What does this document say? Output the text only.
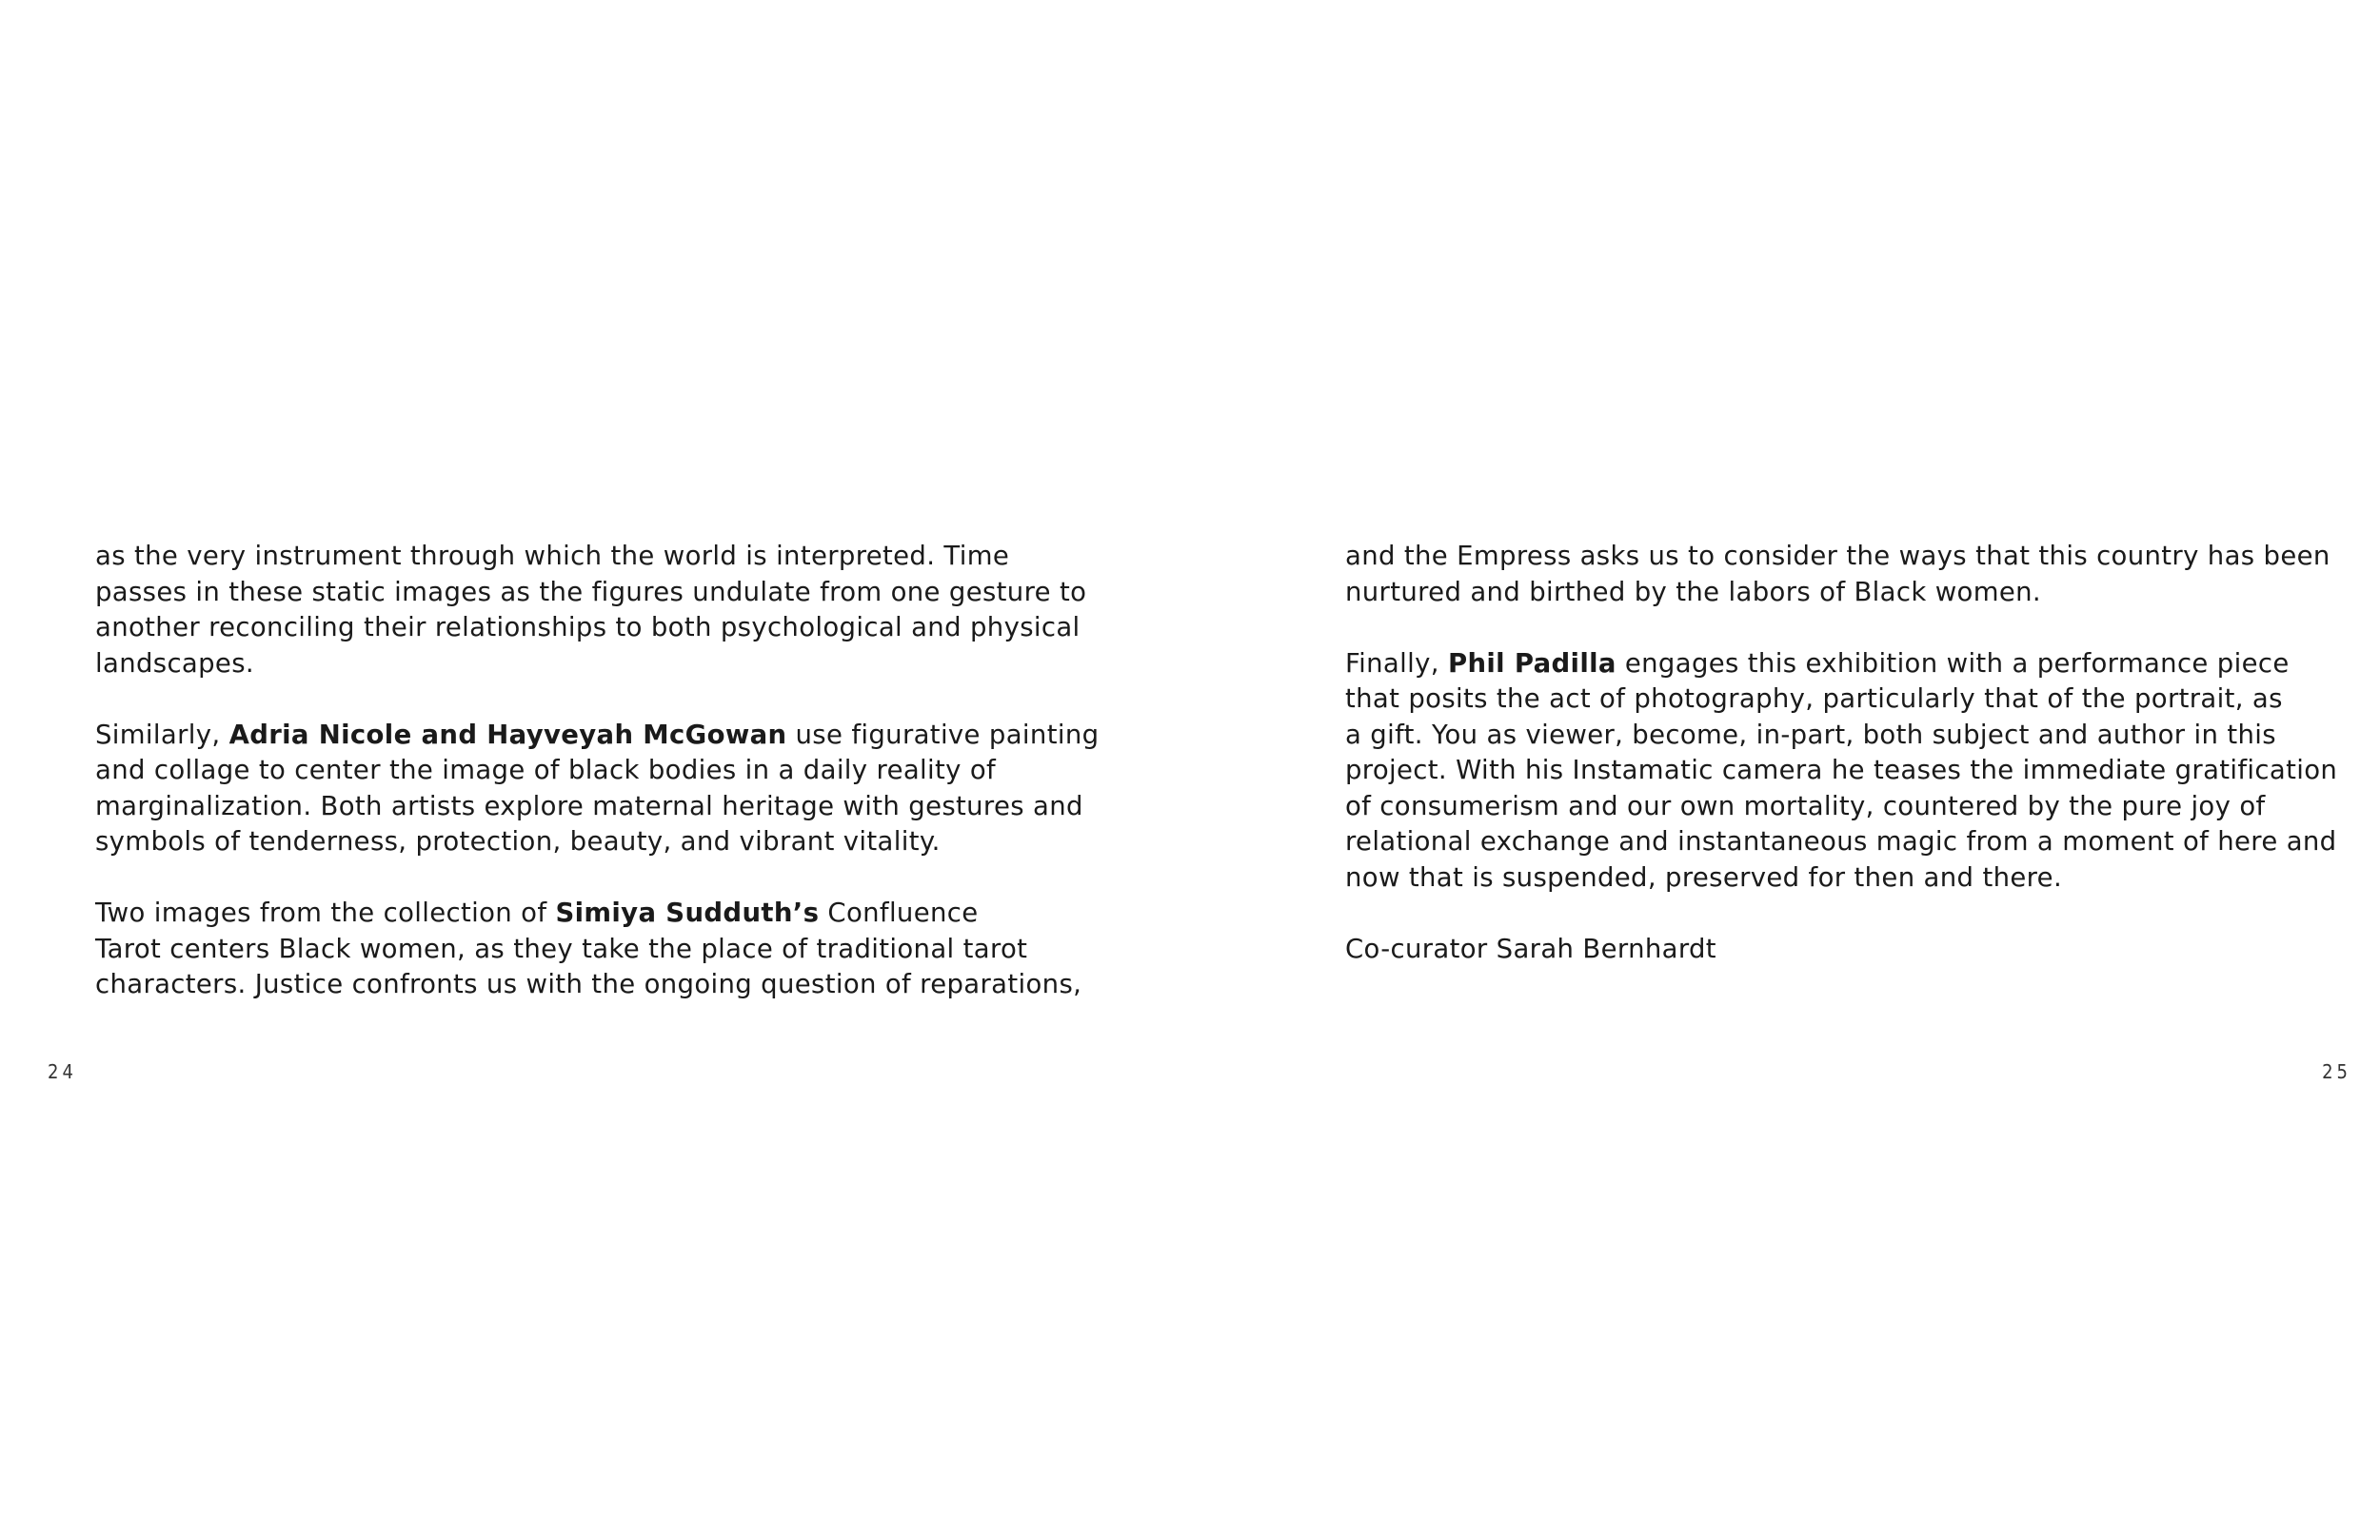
as the very instrument through which the world is interpreted. Time
passes in these static images as the figures undulate from one gesture to
another reconciling their relationships to both psychological and physical
landscapes.
Similarly, Adria Nicole and Hayveyah McGowan use figurative painting
and collage to center the image of black bodies in a daily reality of
marginalization. Both artists explore maternal heritage with gestures and
symbols of tenderness, protection, beauty, and vibrant vitality.
Two images from the collection of Simiya Sudduth’s Confluence
Tarot centers Black women, as they take the place of traditional tarot
characters. Justice confronts us with the ongoing question of reparations,
24
and the Empress asks us to consider the ways that this country has been
nurtured and birthed by the labors of Black women.
Finally, Phil Padilla engages this exhibition with a performance piece
that posits the act of photography, particularly that of the portrait, as
a gift. You as viewer, become, in-part, both subject and author in this
project. With his Instamatic camera he teases the immediate gratification
of consumerism and our own mortality, countered by the pure joy of
relational exchange and instantaneous magic from a moment of here and
now that is suspended, preserved for then and there.
Co-curator Sarah Bernhardt
25
